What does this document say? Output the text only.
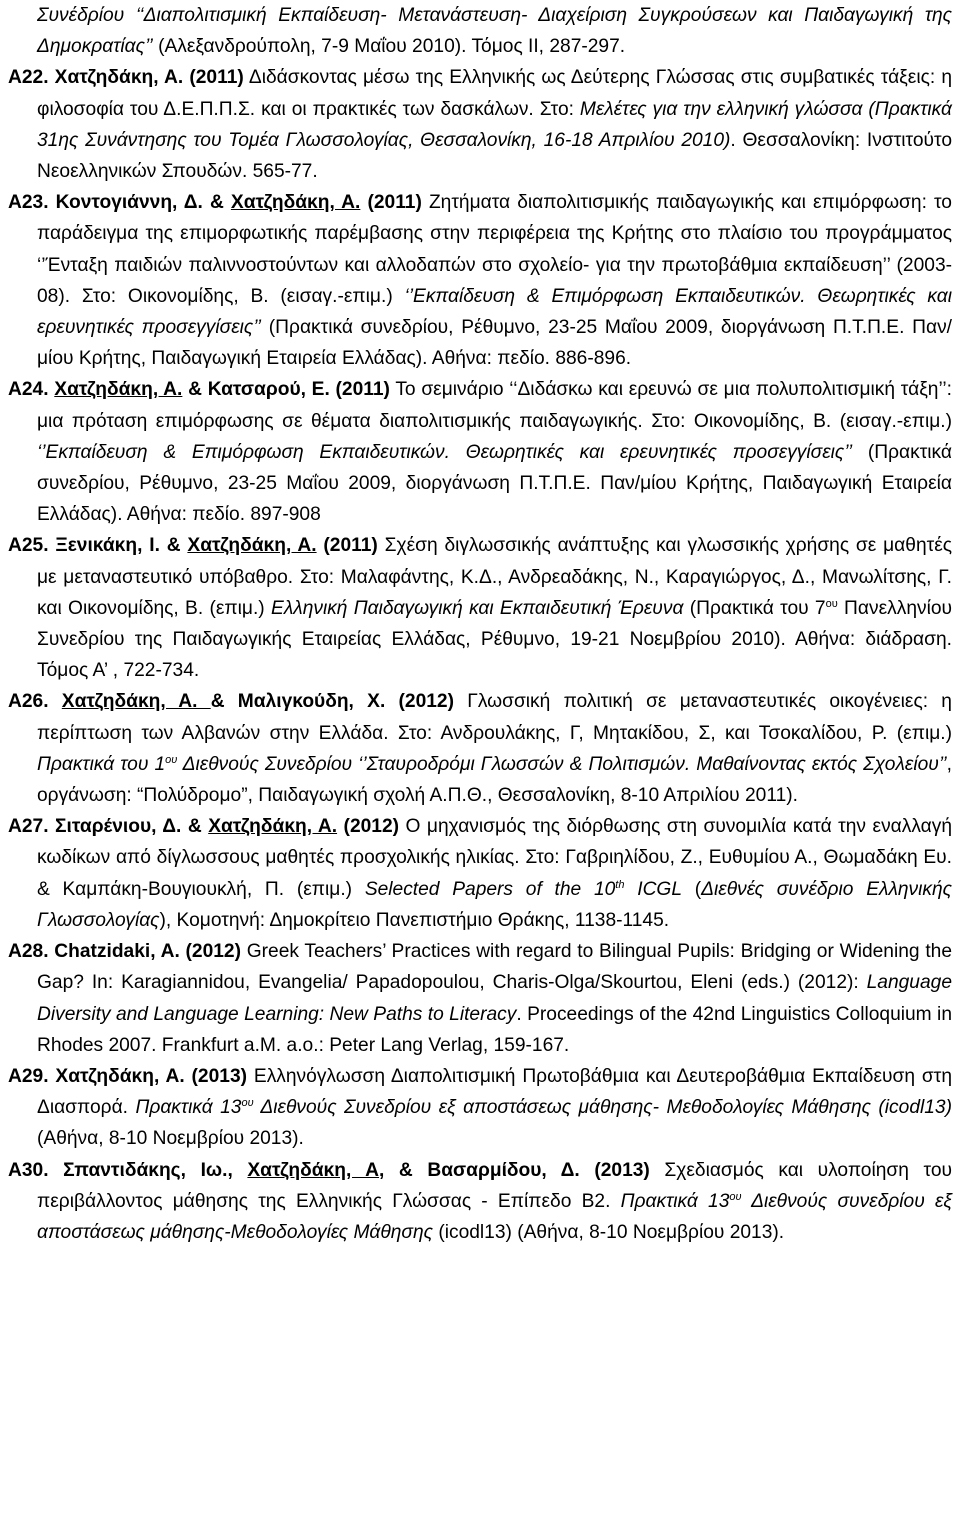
Συνέδρίου ‘‘Διαπολιτισμική Εκπαίδευση- Μετανάστευση- Διαχείριση Συγκρούσεων και Παιδαγωγική της Δημοκρατίας’’ (Αλεξανδρούπολη, 7-9 Μαΐου 2010). Τόμος ΙΙ, 287-297.

Α22. Χατζηδάκη, Α. (2011) Διδάσκοντας μέσω της Ελληνικής ως Δεύτερης Γλώσσας στις συμβατικές τάξεις: η φιλοσοφία του Δ.Ε.Π.Π.Σ. και οι πρακτικές των δασκάλων. Στο: Μελέτες για την ελληνική γλώσσα (Πρακτικά 31ης Συνάντησης του Τομέα Γλωσσολογίας, Θεσσαλονίκη, 16-18 Απριλίου 2010). Θεσσαλονίκη: Ινστιτούτο Νεοελληνικών Σπουδών. 565-77.

Α23. Κοντογιάννη, Δ. & Χατζηδάκη, Α. (2011) Ζητήματα διαπολιτισμικής παιδαγωγικής και επιμόρφωση: το παράδειγμα της επιμορφωτικής παρέμβασης στην περιφέρεια της Κρήτης στο πλαίσιο του προγράμματος ‘’Ένταξη παιδιών παλιννοστούντων και αλλοδαπών στο σχολείο- για την πρωτοβάθμια εκπαίδευση’’ (2003-08). Στο: Οικονομίδης, Β. (εισαγ.-επιμ.) ‘’Εκπαίδευση & Επιμόρφωση Εκπαιδευτικών. Θεωρητικές και ερευνητικές προσεγγίσεις’’ (Πρακτικά συνεδρίου, Ρέθυμνο, 23-25 Μαΐου 2009, διοργάνωση Π.Τ.Π.Ε. Παν/μίου Κρήτης, Παιδαγωγική Εταιρεία Ελλάδας). Αθήνα: πεδίο. 886-896.

Α24. Χατζηδάκη, Α. & Κατσαρού, Ε. (2011) Το σεμινάριο ‘‘Διδάσκω και ερευνώ σε μια πολυπολιτισμική τάξη’’: μια πρόταση επιμόρφωσης σε θέματα διαπολιτισμικής παιδαγωγικής. Στο: Οικονομίδης, Β. (εισαγ.-επιμ.) ‘’Εκπαίδευση & Επιμόρφωση Εκπαιδευτικών. Θεωρητικές και ερευνητικές προσεγγίσεις’’ (Πρακτικά συνεδρίου, Ρέθυμνο, 23-25 Μαΐου 2009, διοργάνωση Π.Τ.Π.Ε. Παν/μίου Κρήτης, Παιδαγωγική Εταιρεία Ελλάδας). Αθήνα: πεδίο. 897-908

Α25. Ξενικάκη, Ι. & Χατζηδάκη, Α. (2011) Σχέση διγλωσσικής ανάπτυξης και γλωσσικής χρήσης σε μαθητές με μεταναστευτικό υπόβαθρο. Στο: Μαλαφάντης, Κ.Δ., Ανδρεαδάκης, Ν., Καραγιώργος, Δ., Μανωλίτσης, Γ. και Οικονομίδης, Β. (επιμ.) Ελληνική Παιδαγωγική και Εκπαιδευτική Έρευνα (Πρακτικά του $7^{o\upsilon}$ Πανελληνίου Συνεδρίου της Παιδαγωγικής Εταιρείας Ελλάδας, Ρέθυμνο, 19-21 Νοεμβρίου 2010). Αθήνα: διάδραση. Τόμος Α’ , 722-734.

Α26. Χατζηδάκη, Α. & Μαλιγκούδη, Χ. (2012) Γλωσσική πολιτική σε μεταναστευτικές οικογένειες: η περίπτωση των Αλβανών στην Ελλάδα. Στο: Ανδρουλάκης, Γ, Μητακίδου, Σ, και Τσοκαλίδου, Ρ. (επιμ.) Πρακτικά του $1^{o\upsilon}$ Διεθνούς Συνεδρίου ‘’Σταυροδρόμι Γλωσσών & Πολιτισμών. Μαθαίνοντας εκτός Σχολείου’’, οργάνωση: “Πολύδρομο”, Παιδαγωγική σχολή Α.Π.Θ., Θεσσαλονίκη, 8-10 Απριλίου 2011).

Α27. Σιταρένιου, Δ. & Χατζηδάκη, Α. (2012) Ο μηχανισμός της διόρθωσης στη συνομιλία κατά την εναλλαγή κωδίκων από δίγλωσσους μαθητές προσχολικής ηλικίας. Στο: Γαβριηλίδου, Ζ., Ευθυμίου Α., Θωμαδάκη Ευ. & Καμπάκη-Βουγιουκλή, Π. (επιμ.) Selected Papers of the 10th ICGL (Διεθνές συνέδριο Ελληνικής Γλωσσολογίας), Κομοτηνή: Δημοκρίτειο Πανεπιστήμιο Θράκης, 1138-1145.

Α28. Chatzidaki, A. (2012) Greek Teachers’ Practices with regard to Bilingual Pupils: Bridging or Widening the Gap? In: Karagiannidou, Evangelia/ Papadopoulou, Charis-Olga/Skourtou, Eleni (eds.) (2012): Language Diversity and Language Learning: New Paths to Literacy. Proceedings of the 42nd Linguistics Colloquium in Rhodes 2007. Frankfurt a.M. a.o.: Peter Lang Verlag, 159-167.

Α29. Χατζηδάκη, Α. (2013) Ελληνόγλωσση Διαπολιτισμική Πρωτοβάθμια και Δευτεροβάθμια Εκπαίδευση στη Διασπορά. Πρακτικά $13^{o\upsilon}$ Διεθνούς Συνεδρίου εξ αποστάσεως μάθησης- Μεθοδολογίες Μάθησης (icodl13) (Αθήνα, 8-10 Νοεμβρίου 2013).

Α30. Σπαντιδάκης, Ιω., Χατζηδάκη, Α, & Βασαρμίδου, Δ. (2013) Σχεδιασμός και υλοποίηση του περιβάλλοντος μάθησης της Ελληνικής Γλώσσας - Επίπεδο Β2. Πρακτικά $13^{o\upsilon}$ Διεθνούς συνεδρίου εξ αποστάσεως μάθησης-Μεθοδολογίες Μάθησης (icodl13) (Αθήνα, 8-10 Νοεμβρίου 2013).
